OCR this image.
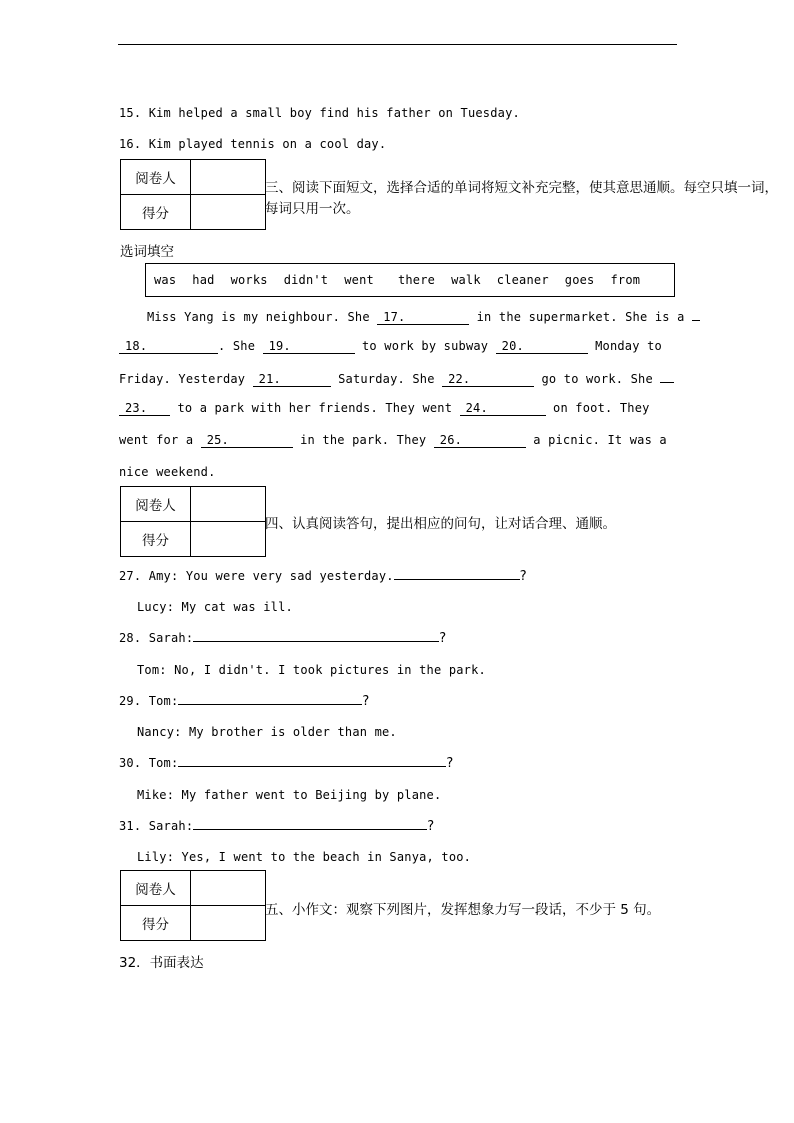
15. Kim helped a small boy find his father on Tuesday.
16. Kim played tennis on a cool day.
阅卷人	
得分	
三、阅读下面短文，选择合适的单词将短文补充完整，使其意思通顺。每空只填一词，
每词只用一次。
选词填空
was had works didn't went there walk cleaner goes from
Miss Yang is my neighbour. She 17.	in the supermarket. She is a
18.	. She 19.	to work by subway 20.	Monday to
Friday. Yesterday 21.	Saturday. She 22.	go to work. She
23.	to a park with her friends. They went 24.	on foot. They
went for a 25.	in the park. They 26.	a picnic. It was a
nice weekend.
阅卷人	
得分	
四、认真阅读答句，提出相应的问句，让对话合理、通顺。
27. Amy: You were very sad yesterday.	?
Lucy: My cat was ill.
28. Sarah:	?
Tom: No, I didn't. I took pictures in the park.
29. Tom:	?
Nancy: My brother is older than me.
30. Tom:	?
Mike: My father went to Beijing by plane.
31. Sarah:	?
Lily: Yes, I went to the beach in Sanya, too.
阅卷人	
得分	
五、小作文：观察下列图片，发挥想象力写一段话，不少于 5 句。
32．书面表达
